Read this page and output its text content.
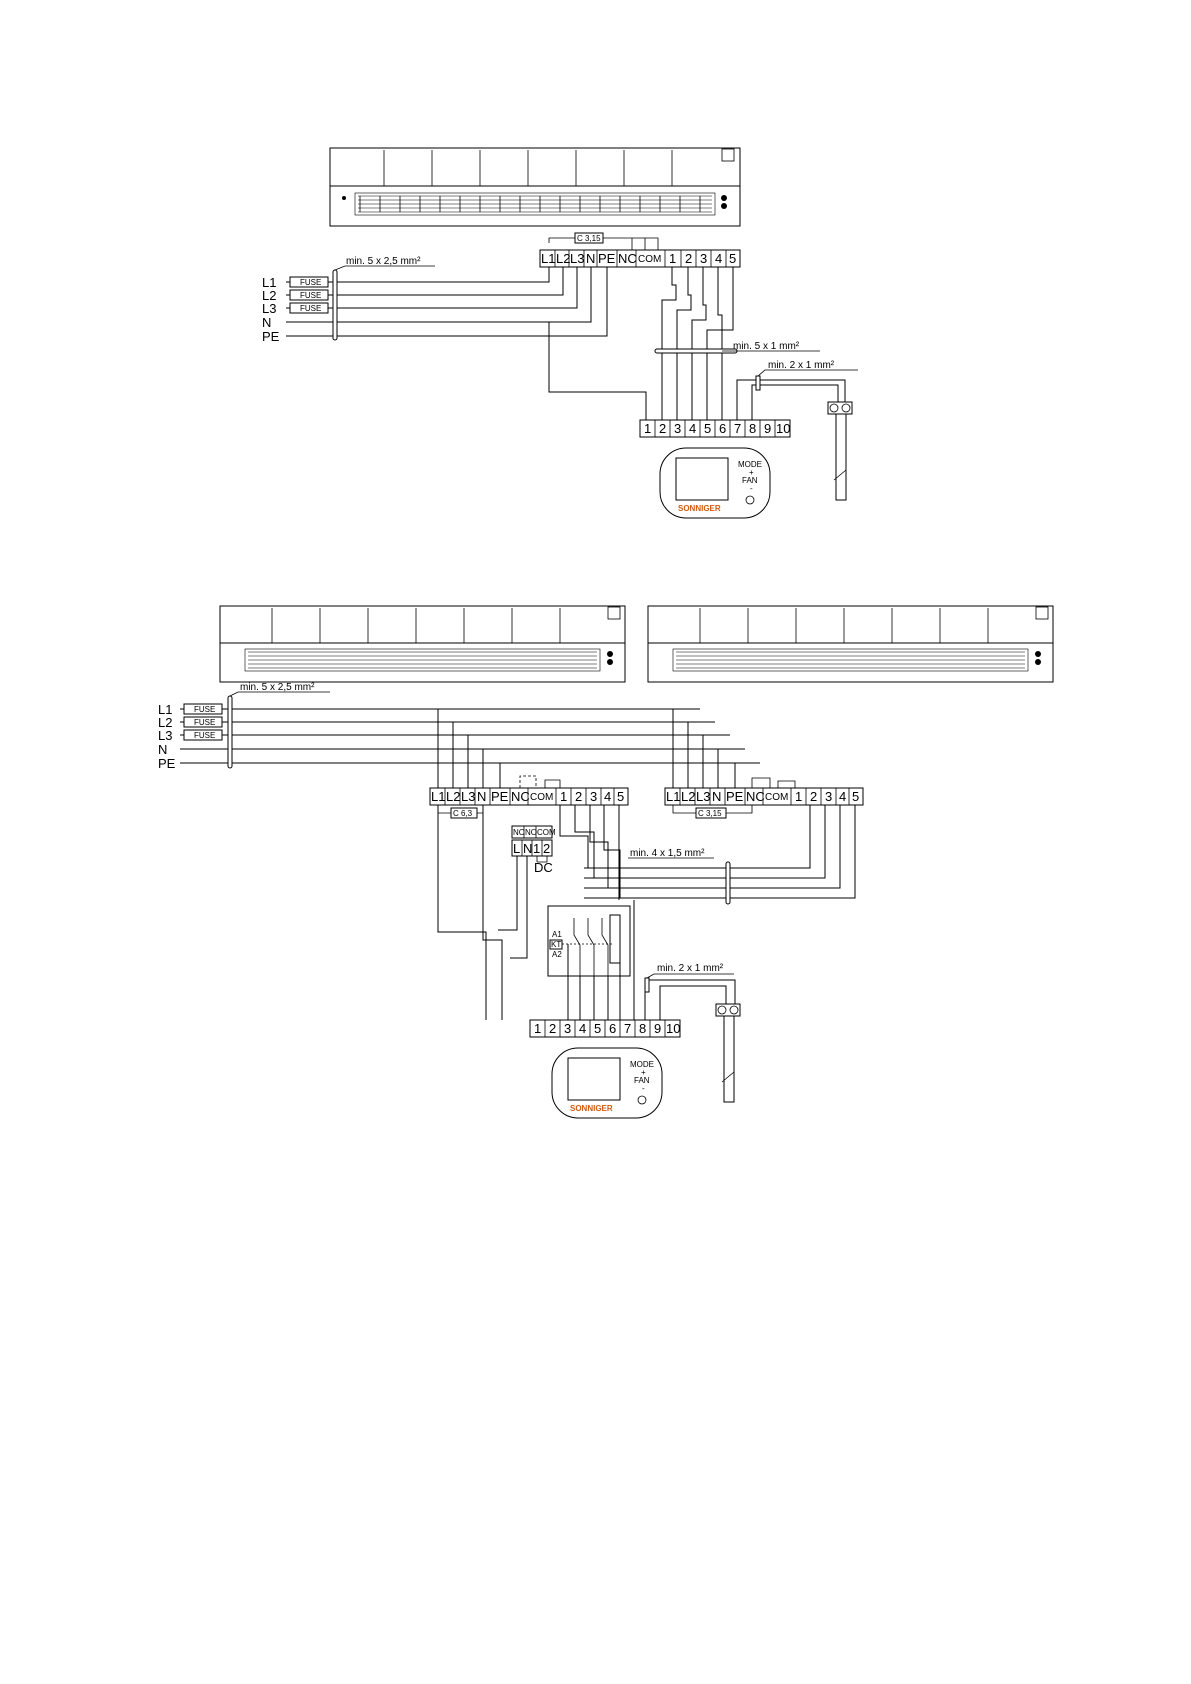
C 3,15
L1 L2 L3 N PE NC COM 1 2 3 4 5
L1
L2
L3
N
PE
FUSE
FUSE
FUSE
min. 5 x 2,5 mm²
min. 5 x 1 mm²
min. 2 x 1 mm²
1 2 3 4 5 6 7 8 9 10
MODE
+
FAN
-
SONNIGER
L1
L2
L3
N
PE
FUSE
FUSE
FUSE
min. 5 x 2,5 mm²
L1 L2 L3 N PE NC COM 1 2 3 4 5
C 6,3
L1 L2 L3 N PE NC COM 1 2 3 4 5
C 3,15
NC NO COM
L N 1 2
DC
min. 4 x 1,5 mm²
A1
KT
A2
min. 2 x 1 mm²
1 2 3 4 5 6 7 8 9 10
MODE
+
FAN
-
SONNIGER
